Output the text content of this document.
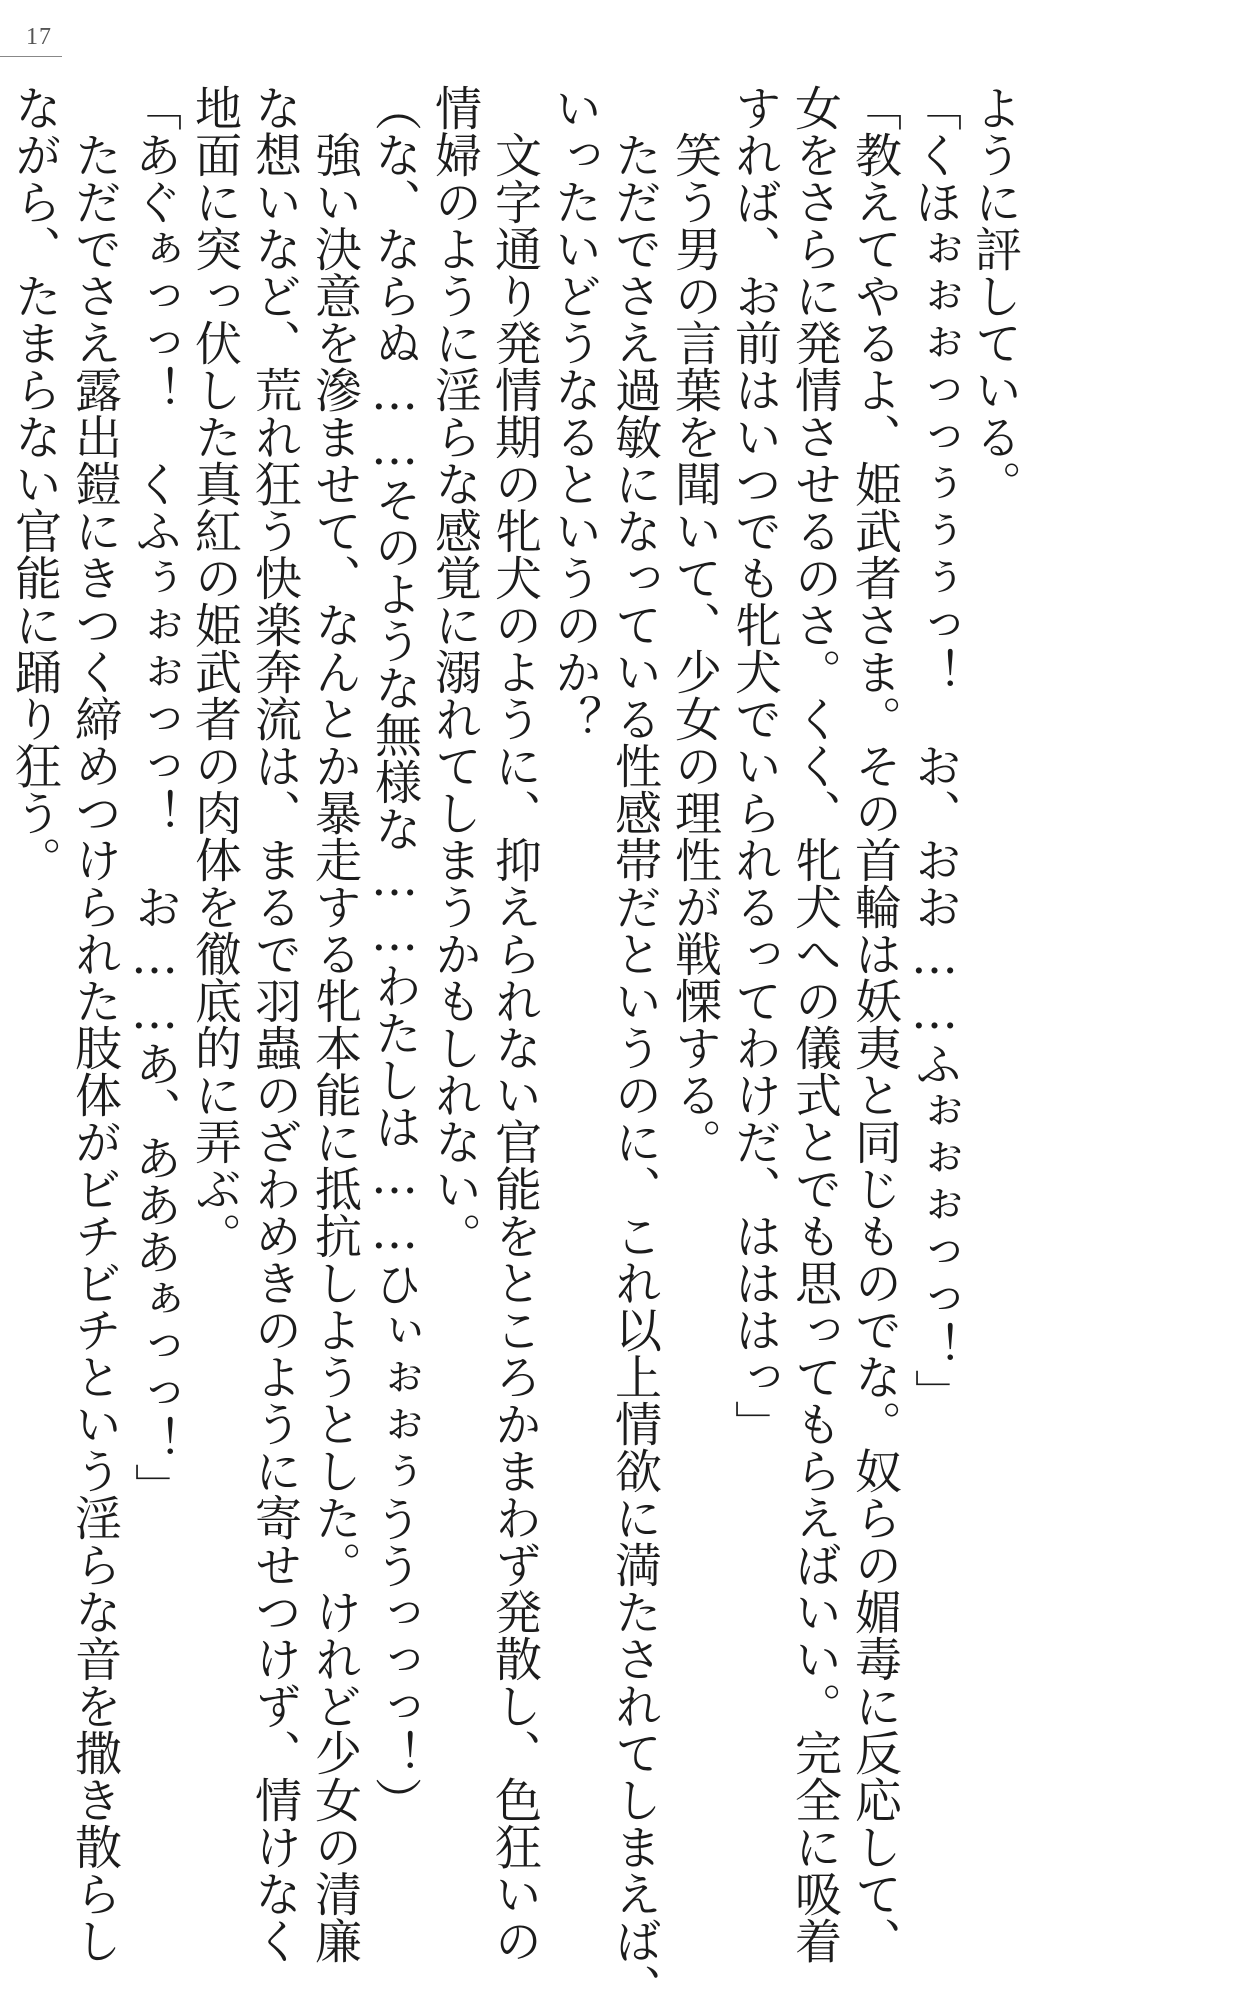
17

ように評している。

「くほぉぉぉっっぅぅぅっ！　お、おお……ふぉぉぉっっ！」

「教えてやるよ、姫武者さま。その首輪は妖夷と同じものでな。奴らの媚毒に反応して、

女をさらに発情させるのさ。くく、牝犬への儀式とでも思ってもらえばいい。完全に吸着

すれば、お前はいつでも牝犬でいられるってわけだ、はははっ」

　笑う男の言葉を聞いて、少女の理性が戦慄する。

　ただでさえ過敏になっている性感帯だというのに、これ以上情欲に満たされてしまえば、

いったいどうなるというのか？

　文字通り発情期の牝犬のように、抑えられない官能をところかまわず発散し、色狂いの

情婦のように淫らな感覚に溺れてしまうかもしれない。

（な、ならぬ……そのような無様な……わたしは……ひぃぉぉぅううっっっ！）

　強い決意を滲ませて、なんとか暴走する牝本能に抵抗しようとした。けれど少女の清廉

な想いなど、荒れ狂う快楽奔流は、まるで羽蟲のざわめきのように寄せつけず、情けなく

地面に突っ伏した真紅の姫武者の肉体を徹底的に弄ぶ。

「あぐぁっっ！　くふぅぉぉっっ！　お……あ、あああぁっっ！」

　ただでさえ露出鎧にきつく締めつけられた肢体がビチビチという淫らな音を撒き散らし

ながら、たまらない官能に踊り狂う。
